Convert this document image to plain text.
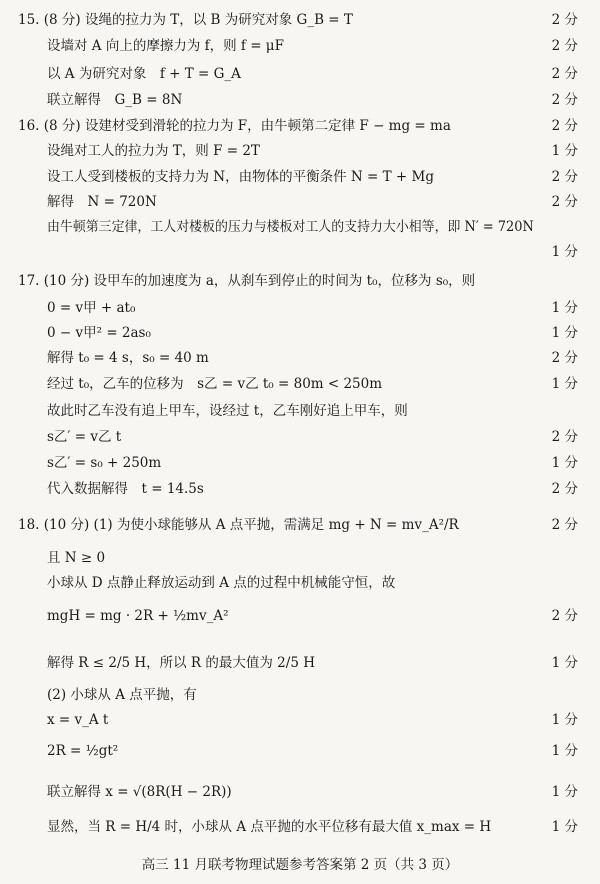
15. (8 分) 设绳的拉力为 T，以 B 为研究对象 G_B = T	2 分
设墙对 A 向上的摩擦力为 f，则 f = μF	2 分
以 A 为研究对象　f + T = G_A	2 分
联立解得　G_B = 8N	2 分
16. (8 分) 设建材受到滑轮的拉力为 F，由牛顿第二定律 F − mg = ma	2 分
设绳对工人的拉力为 T，则 F = 2T	1 分
设工人受到楼板的支持力为 N，由物体的平衡条件 N = T + Mg	2 分
解得　N = 720N	2 分
由牛顿第三定律，工人对楼板的压力与楼板对工人的支持力大小相等，即 N′ = 720N
1 分
17. (10 分) 设甲车的加速度为 a，从刹车到停止的时间为 t₀，位移为 s₀，则
0 = v甲 + at₀	1 分
0 − v甲² = 2as₀	1 分
解得 t₀ = 4 s，s₀ = 40 m	2 分
经过 t₀，乙车的位移为　s乙 = v乙 t₀ = 80m < 250m	1 分
故此时乙车没有追上甲车，设经过 t，乙车刚好追上甲车，则
s乙′ = v乙 t	2 分
s乙′ = s₀ + 250m	1 分
代入数据解得　t = 14.5s	2 分
18. (10 分) (1) 为使小球能够从 A 点平抛，需满足 mg + N = mv_A²/R	2 分
且 N ≥ 0
小球从 D 点静止释放运动到 A 点的过程中机械能守恒，故
mgH = mg · 2R + ½mv_A²	2 分
解得 R ≤ 2/5 H，所以 R 的最大值为 2/5 H	1 分
(2) 小球从 A 点平抛，有
x = v_A t	1 分
2R = ½gt²	1 分
联立解得 x = √(8R(H − 2R))	1 分
显然，当 R = H/4 时，小球从 A 点平抛的水平位移有最大值 x_max = H	1 分
高三 11 月联考物理试题参考答案第 2 页（共 3 页）
